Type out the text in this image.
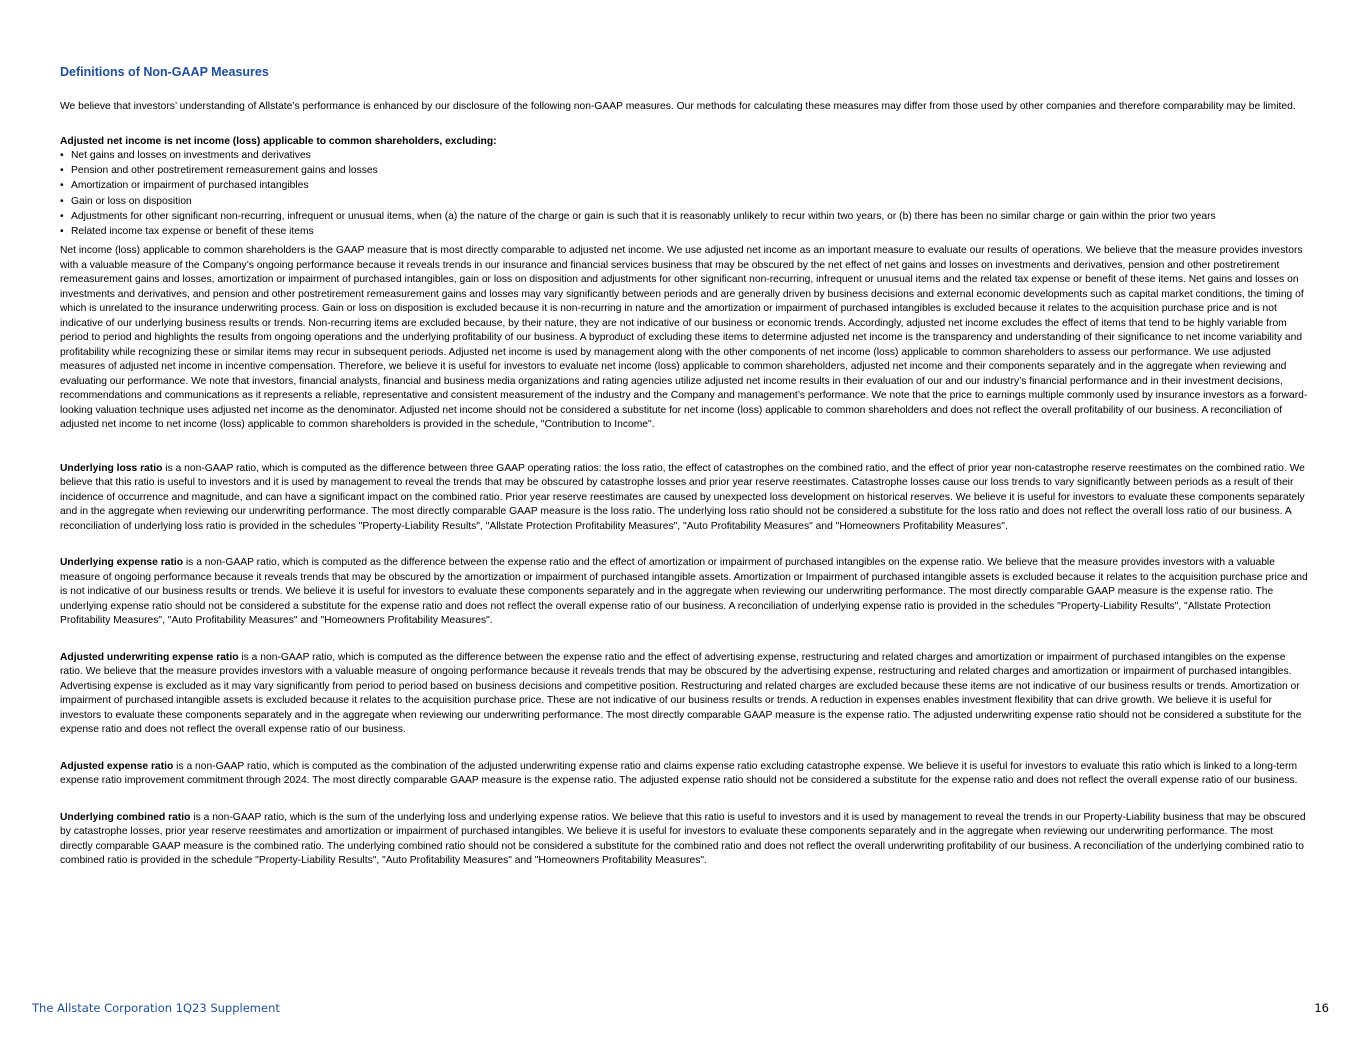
Definitions of Non-GAAP Measures

We believe that investors’ understanding of Allstate’s performance is enhanced by our disclosure of the following non-GAAP measures. Our methods for calculating these measures may differ from those used by other companies and therefore comparability may be limited.

Adjusted net income is net income (loss) applicable to common shareholders, excluding:
• Net gains and losses on investments and derivatives
• Pension and other postretirement remeasurement gains and losses
• Amortization or impairment of purchased intangibles
• Gain or loss on disposition
• Adjustments for other significant non-recurring, infrequent or unusual items, when (a) the nature of the charge or gain is such that it is reasonably unlikely to recur within two years, or (b) there has been no similar charge or gain within the prior two years
• Related income tax expense or benefit of these items

Net income (loss) applicable to common shareholders is the GAAP measure that is most directly comparable to adjusted net income. We use adjusted net income as an important measure to evaluate our results of operations. We believe that the measure provides investors with a valuable measure of the Company’s ongoing performance because it reveals trends in our insurance and financial services business that may be obscured by the net effect of net gains and losses on investments and derivatives, pension and other postretirement remeasurement gains and losses, amortization or impairment of purchased intangibles, gain or loss on disposition and adjustments for other significant non-recurring, infrequent or unusual items and the related tax expense or benefit of these items. Net gains and losses on investments and derivatives, and pension and other postretirement remeasurement gains and losses may vary significantly between periods and are generally driven by business decisions and external economic developments such as capital market conditions, the timing of which is unrelated to the insurance underwriting process. Gain or loss on disposition is excluded because it is non-recurring in nature and the amortization or impairment of purchased intangibles is excluded because it relates to the acquisition purchase price and is not indicative of our underlying business results or trends. Non-recurring items are excluded because, by their nature, they are not indicative of our business or economic trends. Accordingly, adjusted net income excludes the effect of items that tend to be highly variable from period to period and highlights the results from ongoing operations and the underlying profitability of our business. A byproduct of excluding these items to determine adjusted net income is the transparency and understanding of their significance to net income variability and profitability while recognizing these or similar items may recur in subsequent periods. Adjusted net income is used by management along with the other components of net income (loss) applicable to common shareholders to assess our performance. We use adjusted measures of adjusted net income in incentive compensation. Therefore, we believe it is useful for investors to evaluate net income (loss) applicable to common shareholders, adjusted net income and their components separately and in the aggregate when reviewing and evaluating our performance. We note that investors, financial analysts, financial and business media organizations and rating agencies utilize adjusted net income results in their evaluation of our and our industry’s financial performance and in their investment decisions, recommendations and communications as it represents a reliable, representative and consistent measurement of the industry and the Company and management’s performance. We note that the price to earnings multiple commonly used by insurance investors as a forward-looking valuation technique uses adjusted net income as the denominator. Adjusted net income should not be considered a substitute for net income (loss) applicable to common shareholders and does not reflect the overall profitability of our business. A reconciliation of adjusted net income to net income (loss) applicable to common shareholders is provided in the schedule, "Contribution to Income".

Underlying loss ratio is a non-GAAP ratio, which is computed as the difference between three GAAP operating ratios: the loss ratio, the effect of catastrophes on the combined ratio, and the effect of prior year non-catastrophe reserve reestimates on the combined ratio. We believe that this ratio is useful to investors and it is used by management to reveal the trends that may be obscured by catastrophe losses and prior year reserve reestimates. Catastrophe losses cause our loss trends to vary significantly between periods as a result of their incidence of occurrence and magnitude, and can have a significant impact on the combined ratio. Prior year reserve reestimates are caused by unexpected loss development on historical reserves. We believe it is useful for investors to evaluate these components separately and in the aggregate when reviewing our underwriting performance. The most directly comparable GAAP measure is the loss ratio. The underlying loss ratio should not be considered a substitute for the loss ratio and does not reflect the overall loss ratio of our business. A reconciliation of underlying loss ratio is provided in the schedules "Property-Liability Results", "Allstate Protection Profitability Measures", "Auto Profitability Measures" and "Homeowners Profitability Measures".

Underlying expense ratio is a non-GAAP ratio, which is computed as the difference between the expense ratio and the effect of amortization or impairment of purchased intangibles on the expense ratio. We believe that the measure provides investors with a valuable measure of ongoing performance because it reveals trends that may be obscured by the amortization or impairment of purchased intangible assets. Amortization or Impairment of purchased intangible assets is excluded because it relates to the acquisition purchase price and is not indicative of our business results or trends. We believe it is useful for investors to evaluate these components separately and in the aggregate when reviewing our underwriting performance. The most directly comparable GAAP measure is the expense ratio. The underlying expense ratio should not be considered a substitute for the expense ratio and does not reflect the overall expense ratio of our business. A reconciliation of underlying expense ratio is provided in the schedules "Property-Liability Results", "Allstate Protection Profitability Measures", "Auto Profitability Measures" and "Homeowners Profitability Measures".

Adjusted underwriting expense ratio is a non-GAAP ratio, which is computed as the difference between the expense ratio and the effect of advertising expense, restructuring and related charges and amortization or impairment of purchased intangibles on the expense ratio. We believe that the measure provides investors with a valuable measure of ongoing performance because it reveals trends that may be obscured by the advertising expense, restructuring and related charges and amortization or impairment of purchased intangibles. Advertising expense is excluded as it may vary significantly from period to period based on business decisions and competitive position. Restructuring and related charges are excluded because these items are not indicative of our business results or trends. Amortization or impairment of purchased intangible assets is excluded because it relates to the acquisition purchase price. These are not indicative of our business results or trends. A reduction in expenses enables investment flexibility that can drive growth. We believe it is useful for investors to evaluate these components separately and in the aggregate when reviewing our underwriting performance. The most directly comparable GAAP measure is the expense ratio. The adjusted underwriting expense ratio should not be considered a substitute for the expense ratio and does not reflect the overall expense ratio of our business.

Adjusted expense ratio is a non-GAAP ratio, which is computed as the combination of the adjusted underwriting expense ratio and claims expense ratio excluding catastrophe expense. We believe it is useful for investors to evaluate this ratio which is linked to a long-term expense ratio improvement commitment through 2024. The most directly comparable GAAP measure is the expense ratio. The adjusted expense ratio should not be considered a substitute for the expense ratio and does not reflect the overall expense ratio of our business.

Underlying combined ratio is a non-GAAP ratio, which is the sum of the underlying loss and underlying expense ratios. We believe that this ratio is useful to investors and it is used by management to reveal the trends in our Property-Liability business that may be obscured by catastrophe losses, prior year reserve reestimates and amortization or impairment of purchased intangibles. We believe it is useful for investors to evaluate these components separately and in the aggregate when reviewing our underwriting performance. The most directly comparable GAAP measure is the combined ratio. The underlying combined ratio should not be considered a substitute for the combined ratio and does not reflect the overall underwriting profitability of our business. A reconciliation of the underlying combined ratio to combined ratio is provided in the schedule "Property-Liability Results", "Auto Profitability Measures" and "Homeowners Profitability Measures".

The Allstate Corporation 1Q23 Supplement	16
